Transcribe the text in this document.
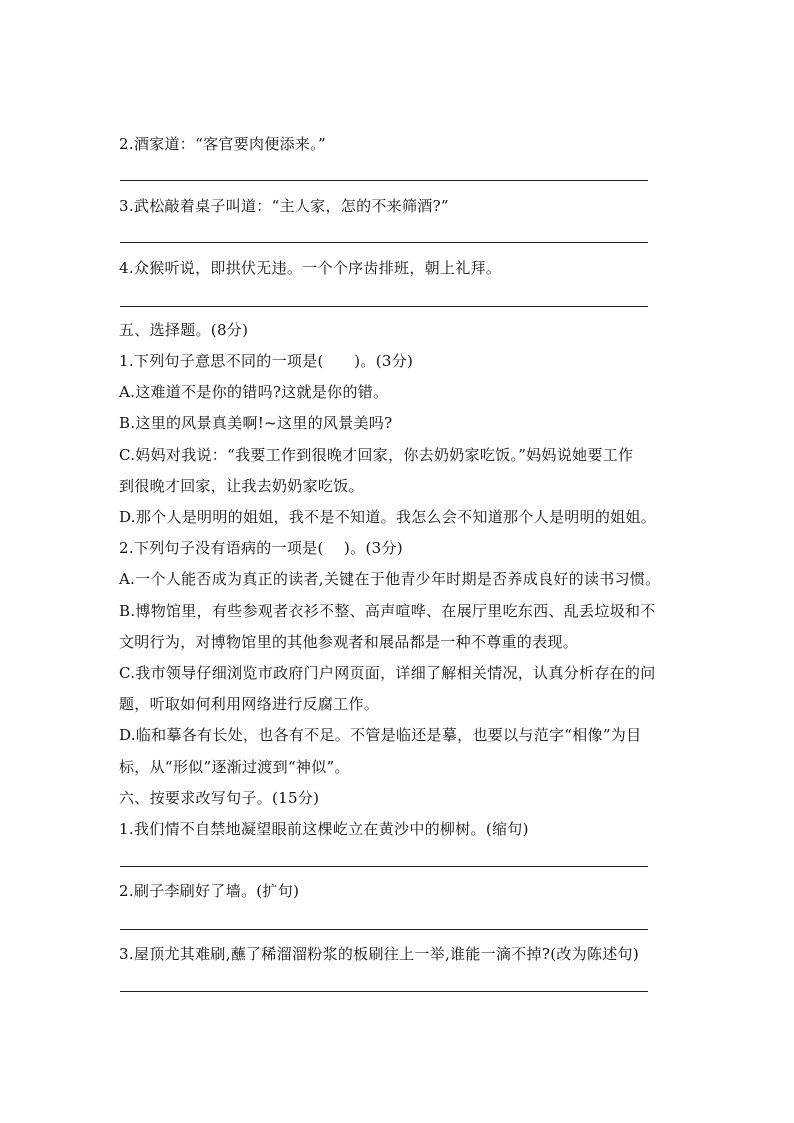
2.酒家道：“客官要肉便添来。”
3.武松敲着桌子叫道：“主人家，怎的不来筛酒?”
4.众猴听说，即拱伏无违。一个个序齿排班，朝上礼拜。
五、选择题。(8分)
1.下列句子意思不同的一项是(　　)。(3分)
A.这难道不是你的错吗?这就是你的错。
B.这里的风景真美啊!~这里的风景美吗?
C.妈妈对我说：“我要工作到很晚才回家，你去奶奶家吃饭。”妈妈说她要工作
到很晚才回家，让我去奶奶家吃饭。
D.那个人是明明的姐姐，我不是不知道。我怎么会不知道那个人是明明的姐姐。
2.下列句子没有语病的一项是(　 )。(3分)
A.一个人能否成为真正的读者,关键在于他青少年时期是否养成良好的读书习惯。
B.博物馆里，有些参观者衣衫不整、高声喧哗、在展厅里吃东西、乱丢垃圾和不
文明行为，对博物馆里的其他参观者和展品都是一种不尊重的表现。
C.我市领导仔细浏览市政府门户网页面，详细了解相关情况，认真分析存在的问
题，听取如何利用网络进行反腐工作。
D.临和摹各有长处，也各有不足。不管是临还是摹，也要以与范字“相像”为目
标，从“形似”逐渐过渡到“神似”。
六、按要求改写句子。(15分)
1.我们情不自禁地凝望眼前这棵屹立在黄沙中的柳树。(缩句)
2.刷子李刷好了墙。(扩句)
3.屋顶尤其难刷,蘸了稀溜溜粉浆的板刷往上一举,谁能一滴不掉?(改为陈述句)
